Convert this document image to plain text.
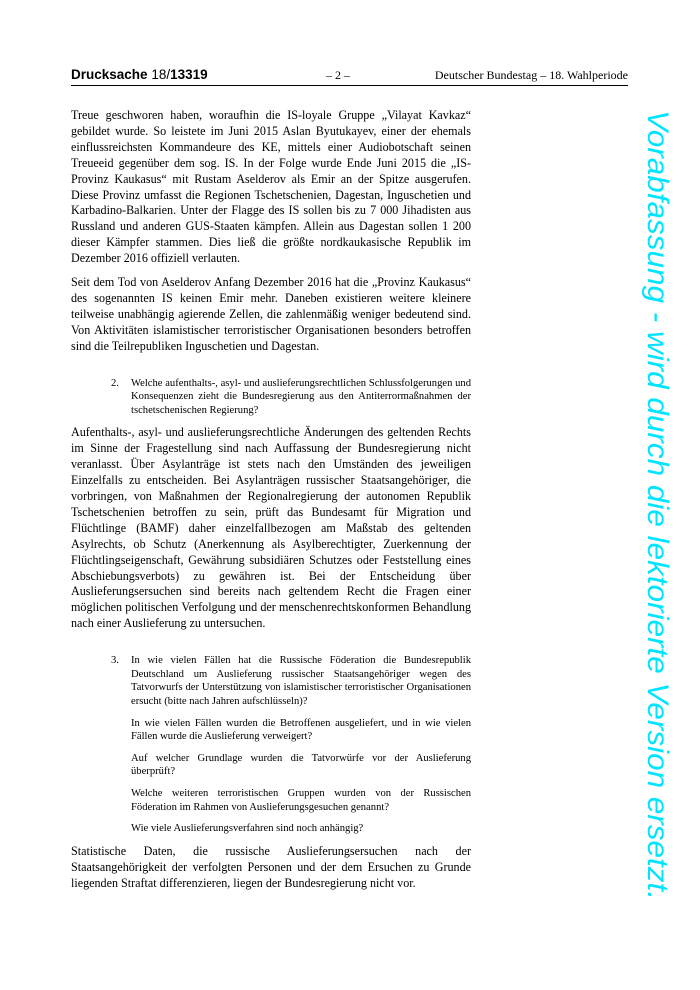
Drucksache 18/13319	– 2 –	Deutscher Bundestag – 18. Wahlperiode

Treue geschworen haben, woraufhin die IS-loyale Gruppe „Vilayat Kavkaz“ gebildet wurde. So leistete im Juni 2015 Aslan Byutukayev, einer der ehemals einflussreichsten Kommandeure des KE, mittels einer Audiobotschaft seinen Treueeid gegenüber dem sog. IS. In der Folge wurde Ende Juni 2015 die „IS-Provinz Kaukasus“ mit Rustam Aselderov als Emir an der Spitze ausgerufen. Diese Provinz umfasst die Regionen Tschetschenien, Dagestan, Inguschetien und Karbadino-Balkarien. Unter der Flagge des IS sollen bis zu 7 000 Jihadisten aus Russland und anderen GUS-Staaten kämpfen. Allein aus Dagestan sollen 1 200 dieser Kämpfer stammen. Dies ließ die größte nordkaukasische Republik im Dezember 2016 offiziell verlauten.

Seit dem Tod von Aselderov Anfang Dezember 2016 hat die „Provinz Kaukasus“ des sogenannten IS keinen Emir mehr. Daneben existieren weitere kleinere teilweise unabhängig agierende Zellen, die zahlenmäßig weniger bedeutend sind. Von Aktivitäten islamistischer terroristischer Organisationen besonders betroffen sind die Teilrepubliken Inguschetien und Dagestan.

2.	Welche aufenthalts-, asyl- und auslieferungsrechtlichen Schlussfolgerungen und Konsequenzen zieht die Bundesregierung aus den Antiterrormaßnahmen der tschetschenischen Regierung?

Aufenthalts-, asyl- und auslieferungsrechtliche Änderungen des geltenden Rechts im Sinne der Fragestellung sind nach Auffassung der Bundesregierung nicht veranlasst. Über Asylanträge ist stets nach den Umständen des jeweiligen Einzelfalls zu entscheiden. Bei Asylanträgen russischer Staatsangehöriger, die vorbringen, von Maßnahmen der Regionalregierung der autonomen Republik Tschetschenien betroffen zu sein, prüft das Bundesamt für Migration und Flüchtlinge (BAMF) daher einzelfallbezogen am Maßstab des geltenden Asylrechts, ob Schutz (Anerkennung als Asylberechtigter, Zuerkennung der Flüchtlingseigenschaft, Gewährung subsidiären Schutzes oder Feststellung eines Abschiebungsverbots) zu gewähren ist. Bei der Entscheidung über Auslieferungsersuchen sind bereits nach geltendem Recht die Fragen einer möglichen politischen Verfolgung und der menschenrechtskonformen Behandlung nach einer Auslieferung zu untersuchen.

3.	In wie vielen Fällen hat die Russische Föderation die Bundesrepublik Deutschland um Auslieferung russischer Staatsangehöriger wegen des Tatvorwurfs der Unterstützung von islamistischer terroristischer Organisationen ersucht (bitte nach Jahren aufschlüsseln)?

In wie vielen Fällen wurden die Betroffenen ausgeliefert, und in wie vielen Fällen wurde die Auslieferung verweigert?

Auf welcher Grundlage wurden die Tatvorwürfe vor der Auslieferung überprüft?

Welche weiteren terroristischen Gruppen wurden von der Russischen Föderation im Rahmen von Auslieferungsgesuchen genannt?

Wie viele Auslieferungsverfahren sind noch anhängig?

Statistische Daten, die russische Auslieferungsersuchen nach der Staatsangehörigkeit der verfolgten Personen und der dem Ersuchen zu Grunde liegenden Straftat differenzieren, liegen der Bundesregierung nicht vor.

Vorabfassung - wird durch die lektorierte Version ersetzt.
